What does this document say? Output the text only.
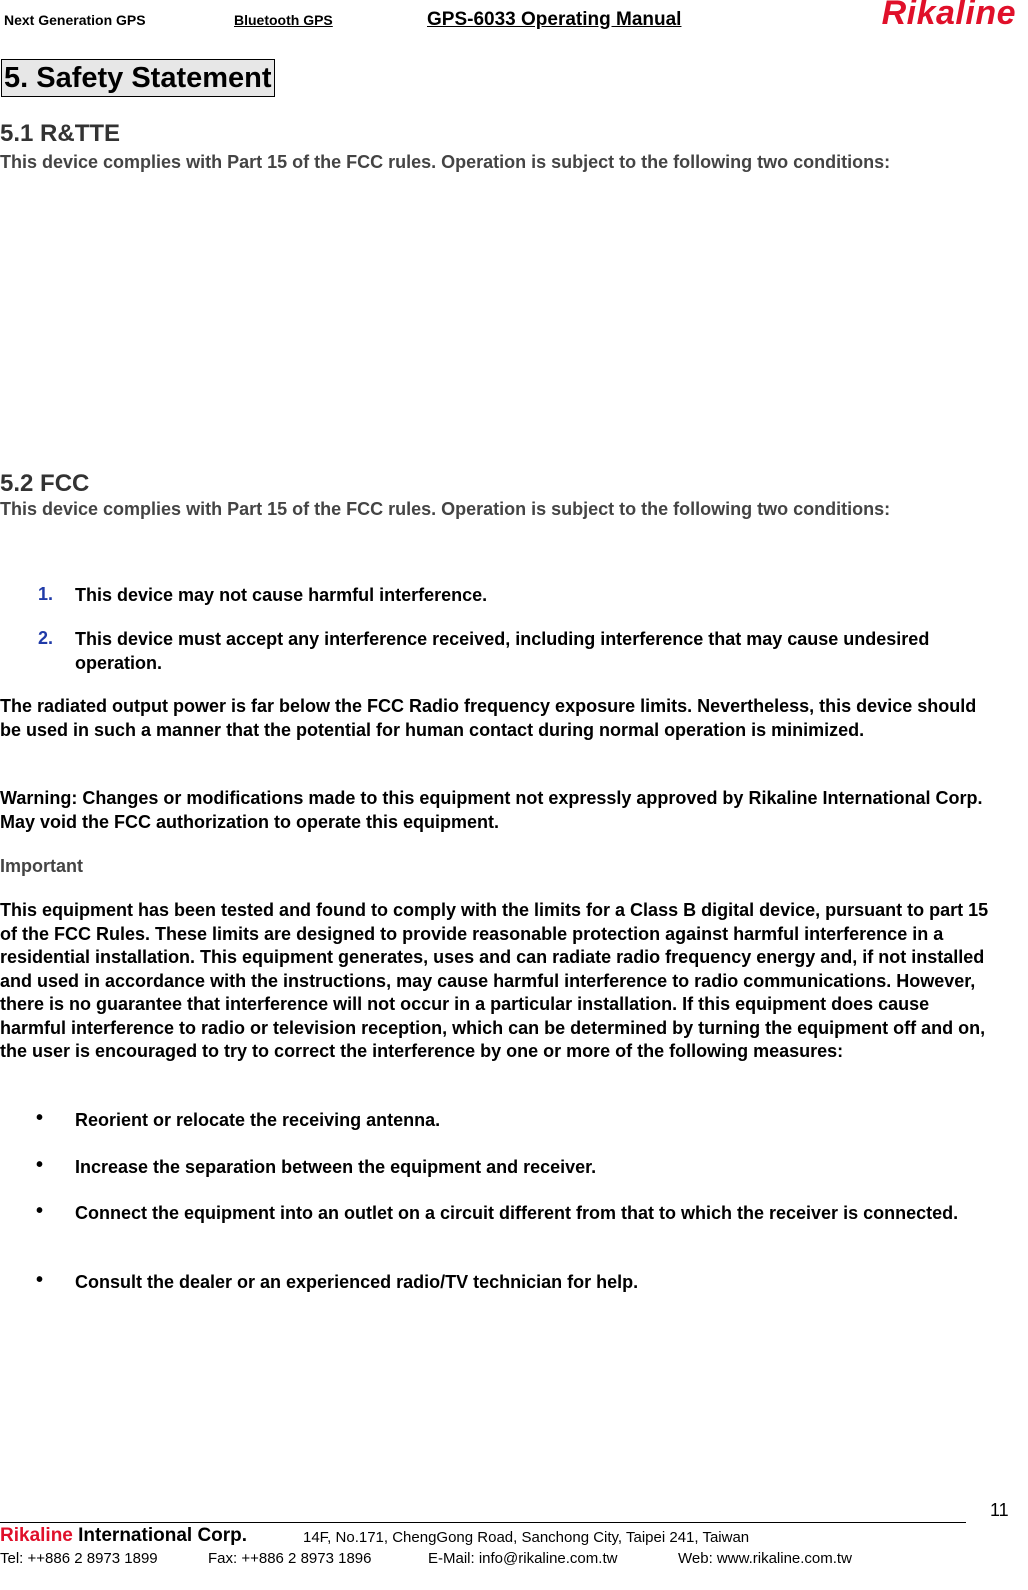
Next Generation GPS	Bluetooth GPS	GPS-6033 Operating Manual	Rikaline
5. Safety Statement
5.1 R&TTE
This device complies with Part 15 of the FCC rules. Operation is subject to the following two conditions:
5.2 FCC
This device complies with Part 15 of the FCC rules. Operation is subject to the following two conditions:
1. This device may not cause harmful interference.
2. This device must accept any interference received, including interference that may cause undesired operation.
The radiated output power is far below the FCC Radio frequency exposure limits. Nevertheless, this device should be used in such a manner that the potential for human contact during normal operation is minimized.
Warning: Changes or modifications made to this equipment not expressly approved by Rikaline International Corp. May void the FCC authorization to operate this equipment.
Important
This equipment has been tested and found to comply with the limits for a Class B digital device, pursuant to part 15 of the FCC Rules. These limits are designed to provide reasonable protection against harmful interference in a residential installation. This equipment generates, uses and can radiate radio frequency energy and, if not installed and used in accordance with the instructions, may cause harmful interference to radio communications. However, there is no guarantee that interference will not occur in a particular installation. If this equipment does cause harmful interference to radio or television reception, which can be determined by turning the equipment off and on, the user is encouraged to try to correct the interference by one or more of the following measures:
• Reorient or relocate the receiving antenna.
• Increase the separation between the equipment and receiver.
• Connect the equipment into an outlet on a circuit different from that to which the receiver is connected.
• Consult the dealer or an experienced radio/TV technician for help.
11
Rikaline International Corp.	14F, No.171, ChengGong Road, Sanchong City, Taipei 241, Taiwan
Tel: ++886 2 8973 1899	Fax: ++886 2 8973 1896	E-Mail: info@rikaline.com.tw	Web: www.rikaline.com.tw
